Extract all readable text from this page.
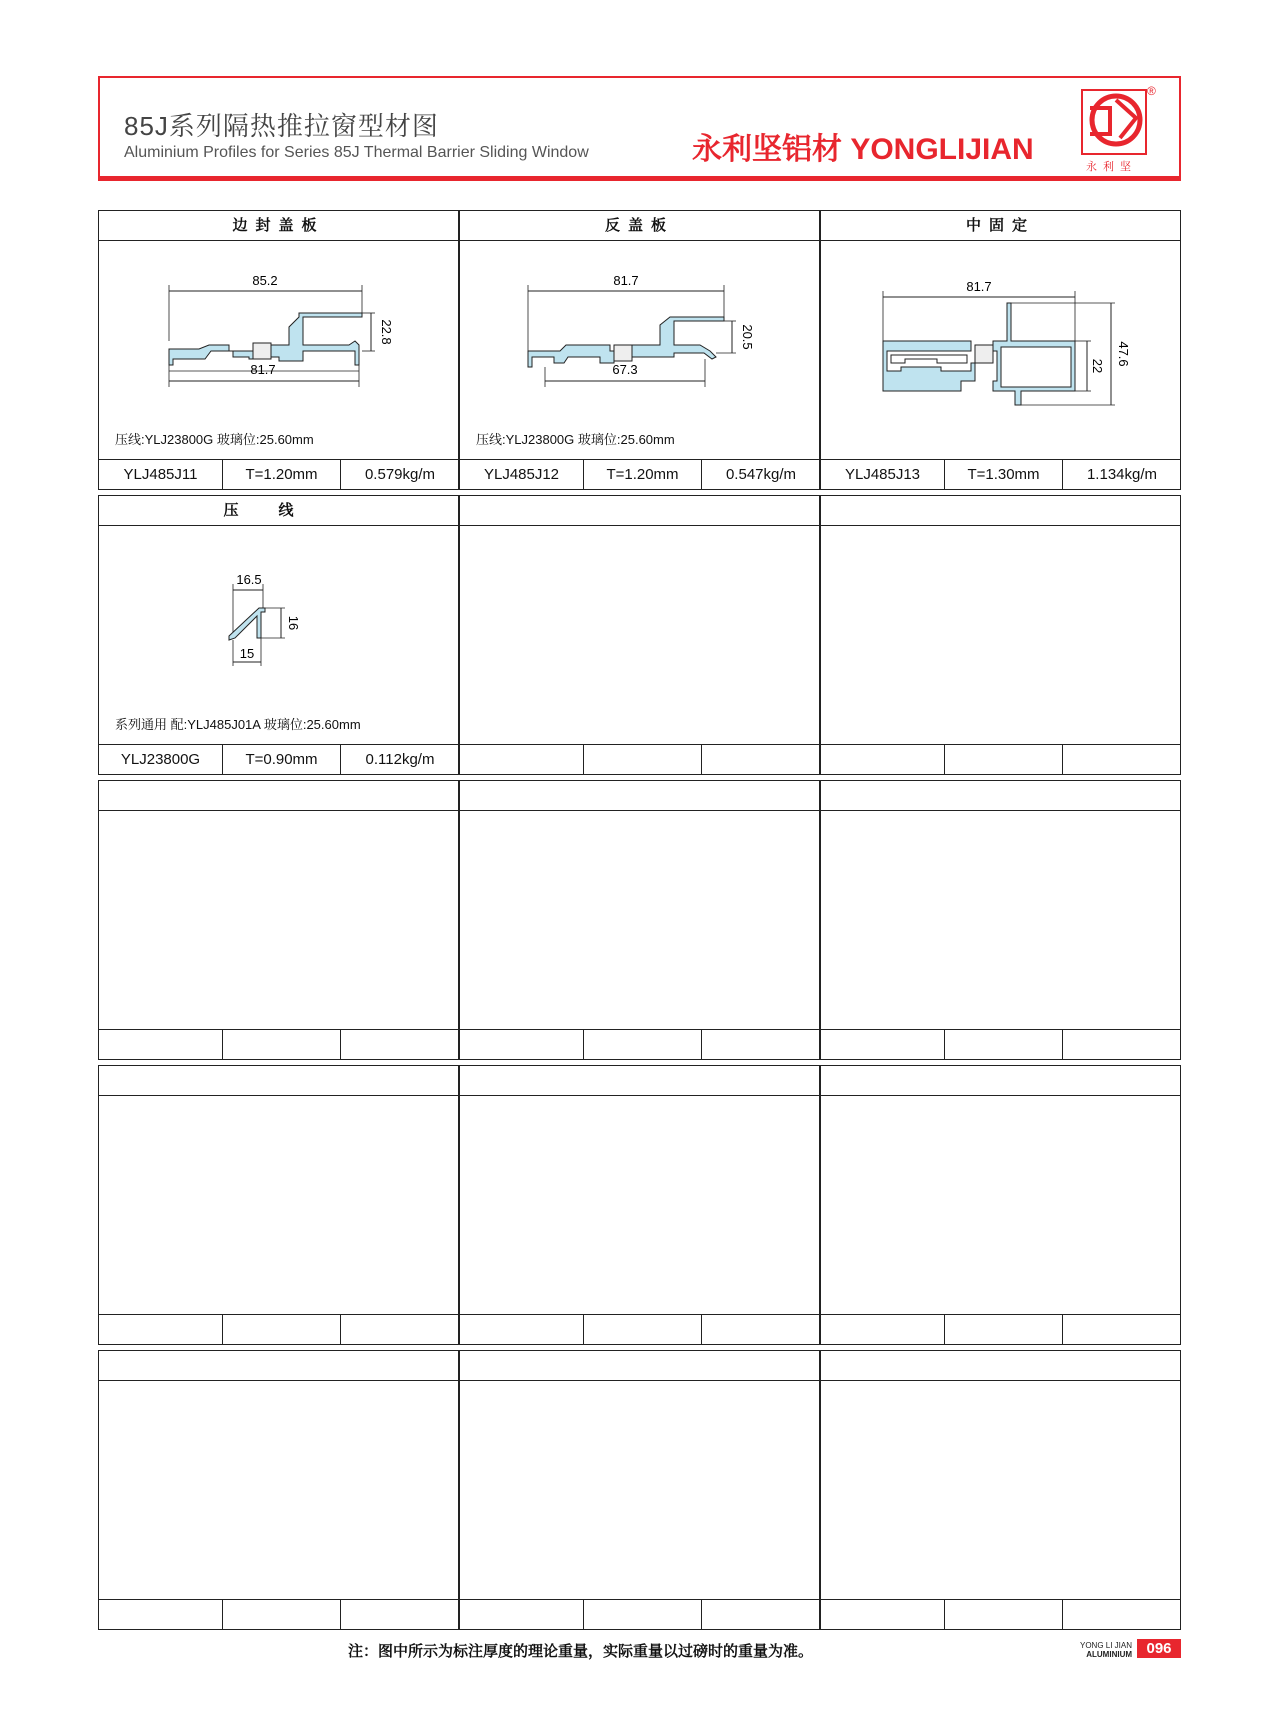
85J系列隔热推拉窗型材图
Aluminium Profiles for Series 85J Thermal Barrier Sliding Window	永利坚铝材 YONGLIJIAN
永利坚
®
边封盖板
85.2
22.8
81.7
压线:YLJ23800G 玻璃位:25.60mm
YLJ485J11	T=1.20mm	0.579kg/m
反盖板
81.7
20.5
67.3
压线:YLJ23800G 玻璃位:25.60mm
YLJ485J12	T=1.20mm	0.547kg/m
中固定
81.7
22 47.6
YLJ485J13	T=1.30mm	1.134kg/m
压线
16.5
16
15
系列通用 配:YLJ485J01A 玻璃位:25.60mm
YLJ23800G	T=0.90mm	0.112kg/m
注：图中所示为标注厚度的理论重量，实际重量以过磅时的重量为准。	YONG LI JIAN
ALUMINIUM 096
